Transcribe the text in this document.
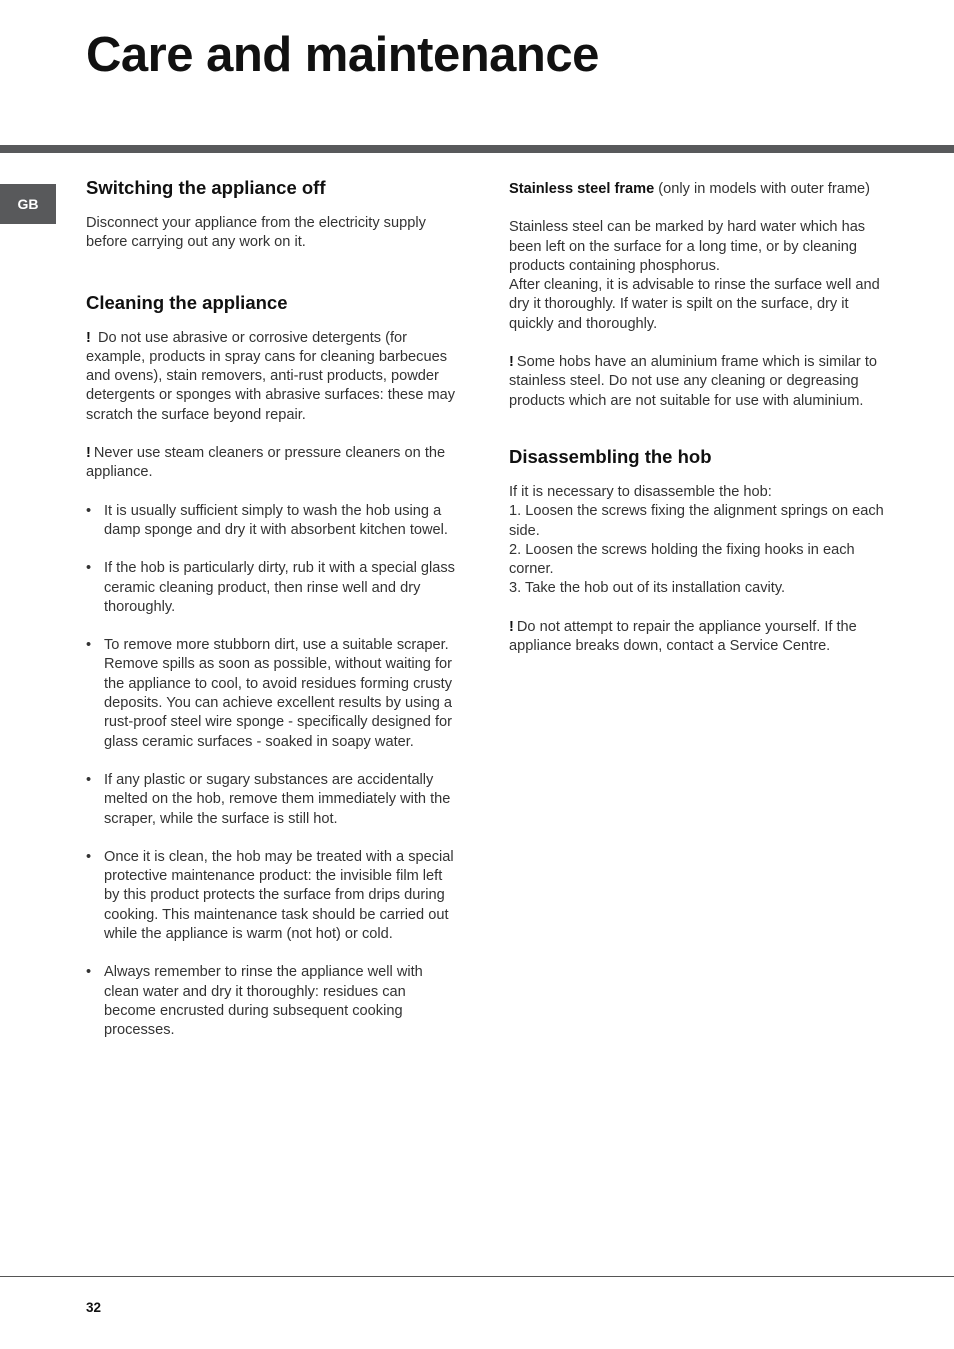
Care and maintenance
GB
Switching the appliance off

Disconnect your appliance from the electricity supply before carrying out any work on it.

Cleaning the appliance

! Do not use abrasive or corrosive detergents (for example, products in spray cans for cleaning barbecues and ovens), stain removers, anti-rust products, powder detergents or sponges with abrasive surfaces: these may scratch the surface beyond repair.

! Never use steam cleaners or pressure cleaners on the appliance.

• It is usually sufficient simply to wash the hob using a damp sponge and dry it with absorbent kitchen towel.
• If the hob is particularly dirty, rub it with a special glass ceramic cleaning product, then rinse well and dry thoroughly.
• To remove more stubborn dirt, use a suitable scraper. Remove spills as soon as possible, without waiting for the appliance to cool, to avoid residues forming crusty deposits. You can achieve excellent results by using a rust-proof steel wire sponge - specifically designed for glass ceramic surfaces - soaked in soapy water.
• If any plastic or sugary substances are accidentally melted on the hob, remove them immediately with the scraper, while the surface is still hot.
• Once it is clean, the hob may be treated with a special protective maintenance product: the invisible film left by this product protects the surface from drips during cooking. This maintenance task should be carried out while the appliance is warm (not hot) or cold.
• Always remember to rinse the appliance well with clean water and dry it thoroughly: residues can become encrusted during subsequent cooking processes.

Stainless steel frame (only in models with outer frame)

Stainless steel can be marked by hard water which has been left on the surface for a long time, or by cleaning products containing phosphorus.

After cleaning, it is advisable to rinse the surface well and dry it thoroughly. If water is spilt on the surface, dry it quickly and thoroughly.

! Some hobs have an aluminium frame which is similar to stainless steel. Do not use any cleaning or degreasing products which are not suitable for use with aluminium.

Disassembling the hob

If it is necessary to disassemble the hob:

1. Loosen the screws fixing the alignment springs on each side.

2. Loosen the screws holding the fixing hooks in each corner.

3. Take the hob out of its installation cavity.

! Do not attempt to repair the appliance yourself. If the appliance breaks down, contact a Service Centre.

32
